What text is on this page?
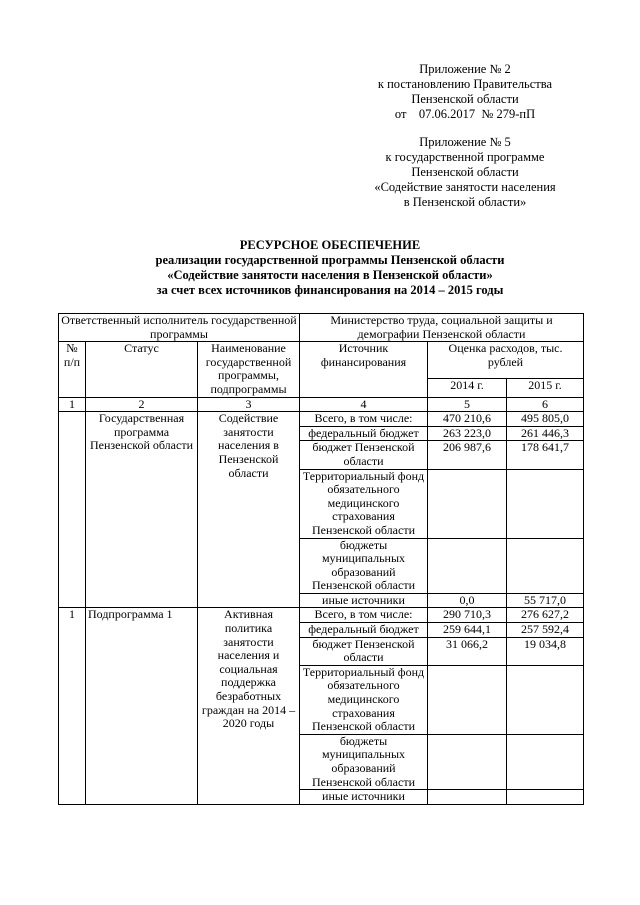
Приложение № 2
к постановлению Правительства
Пензенской области
от    07.06.2017  № 279-пП
Приложение № 5
к государственной программе
Пензенской области
«Содействие занятости населения
в Пензенской области»
РЕСУРСНОЕ ОБЕСПЕЧЕНИЕ
реализации государственной программы Пензенской области
«Содействие занятости населения в Пензенской области»
за счет всех источников финансирования на 2014 – 2015 годы
Ответственный исполнитель государственной программы			Министерство труда, социальной защиты и демографии Пензенской области		
№ п/п	Статус	Наименование государственной программы, подпрограммы	Источник финансирования	Оценка расходов, тыс. рублей	
				2014 г.	2015 г.
1	2	3	4	5	6
	Государственная программа Пензенской области	Содействие занятости населения в Пензенской области	Всего, в том числе:	470 210,6	495 805,0
			федеральный бюджет	263 223,0	261 446,3
			бюджет Пензенской области	206 987,6	178 641,7
			Территориальный фонд обязательного медицинского страхования Пензенской области		
			бюджеты муниципальных образований Пензенской области		
			иные источники	0,0	55 717,0
1	Подпрограмма 1	Активная политика занятости населения и социальная поддержка безработных граждан на 2014 – 2020 годы	Всего, в том числе:	290 710,3	276 627,2
			федеральный бюджет	259 644,1	257 592,4
			бюджет Пензенской области	31 066,2	19 034,8
			Территориальный фонд обязательного медицинского страхования Пензенской области		
			бюджеты муниципальных образований Пензенской области		
			иные источники		
